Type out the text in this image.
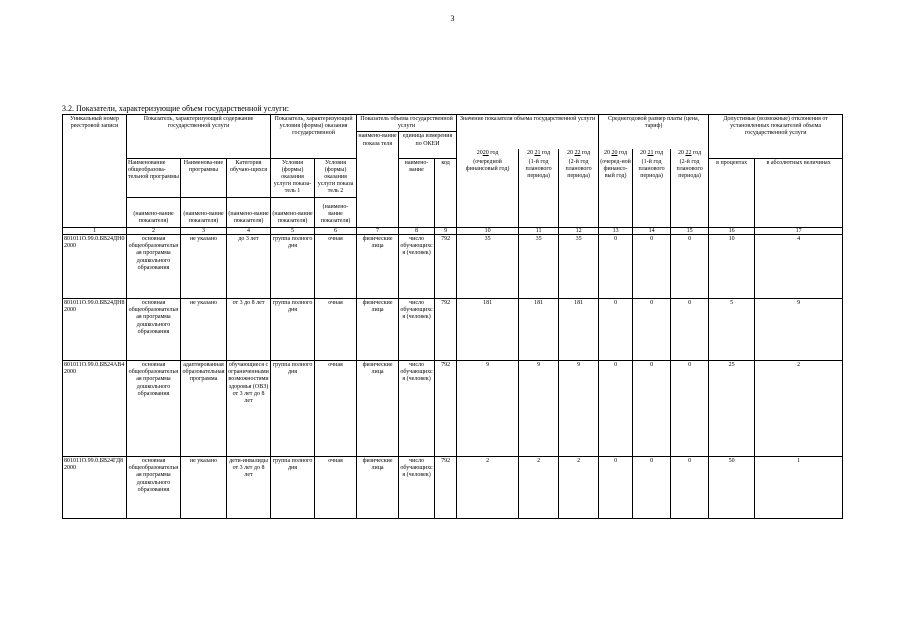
3
3.2. Показатели, характеризующие объем государственной услуги:
Уникальный номер реестровой записи	Показатель, характеризующий содержание государственной услуги			Показатель, характеризующий условия (формы) оказания государственной		Показатель объема государственной услуги			Значение показателя объема государственной услуги			Среднегодовой размер платы (цена, тариф)			Допустимые (возможные) отклонения от установленных показателей объема государственной услуги	
						наимено-вание показа теля	единица измерения по ОКЕИ									
									2020 год	20 21 год	20 22 год	20 20 год	20 21 год	20 22 год		
	Наименование общеобразова-тельной программы	Наименова-ние программы	Категория обучаю-щихся	Условия (формы) оказания услуги показа-тель 1	Условия (формы) оказания услуги показа тель 2		наимено-вание	код	(очередной финансовый год)	(1-й год планового периода)	(2-й год планового периода)	(очеред-ной финансо-вый год)	(1-й год планового периода)	(2-й год планового периода)	в процентах	в абсолютных величинах
	(наимено-вание показателя)	(наимено-вание показателя)	(наимено-вание показателя)	(наимено-вание показателя)	(наимено-вание показателя)											
1	2	3	4	5	6	7	8	9	10	11	12	13	14	15	16	17
801011О.99.0.БВ24ДН02000	основная общеобразовательная программа дошкольного образования	не указано	до 3 лет	группа полного дня	очная	физические лица	число обучающихся (человек)	792	35	35	35	0	0	0	10	4
801011О.99.0.БВ24ДН82000	основная общеобразовательная программа дошкольного образования	не указано	от 3 до 8 лет	группа полного дня	очная	физические лица	число обучающихся (человек)	792	181	181	181	0	0	0	5	9
801011О.99.0.БВ24АВ42000	основная общеобразовательная программа дошкольного образования	адаптированная образовательная программа	обучающиеся с ограниченными возможностями здоровья (ОВЗ) от 3 лет до 8 лет	группа полного дня	очная	физические лица	число обучающихся (человек)	792	9	9	9	0	0	0	25	2
801011О.99.0.БВ24ГД82000	основная общеобразовательная программа дошкольного образования	не указано	дети-инвалиды от 3 лет до 8 лет	группа полного дня	очная	физические лица	число обучающихся (человек)	792	2	2	2	0	0	0	50	1
